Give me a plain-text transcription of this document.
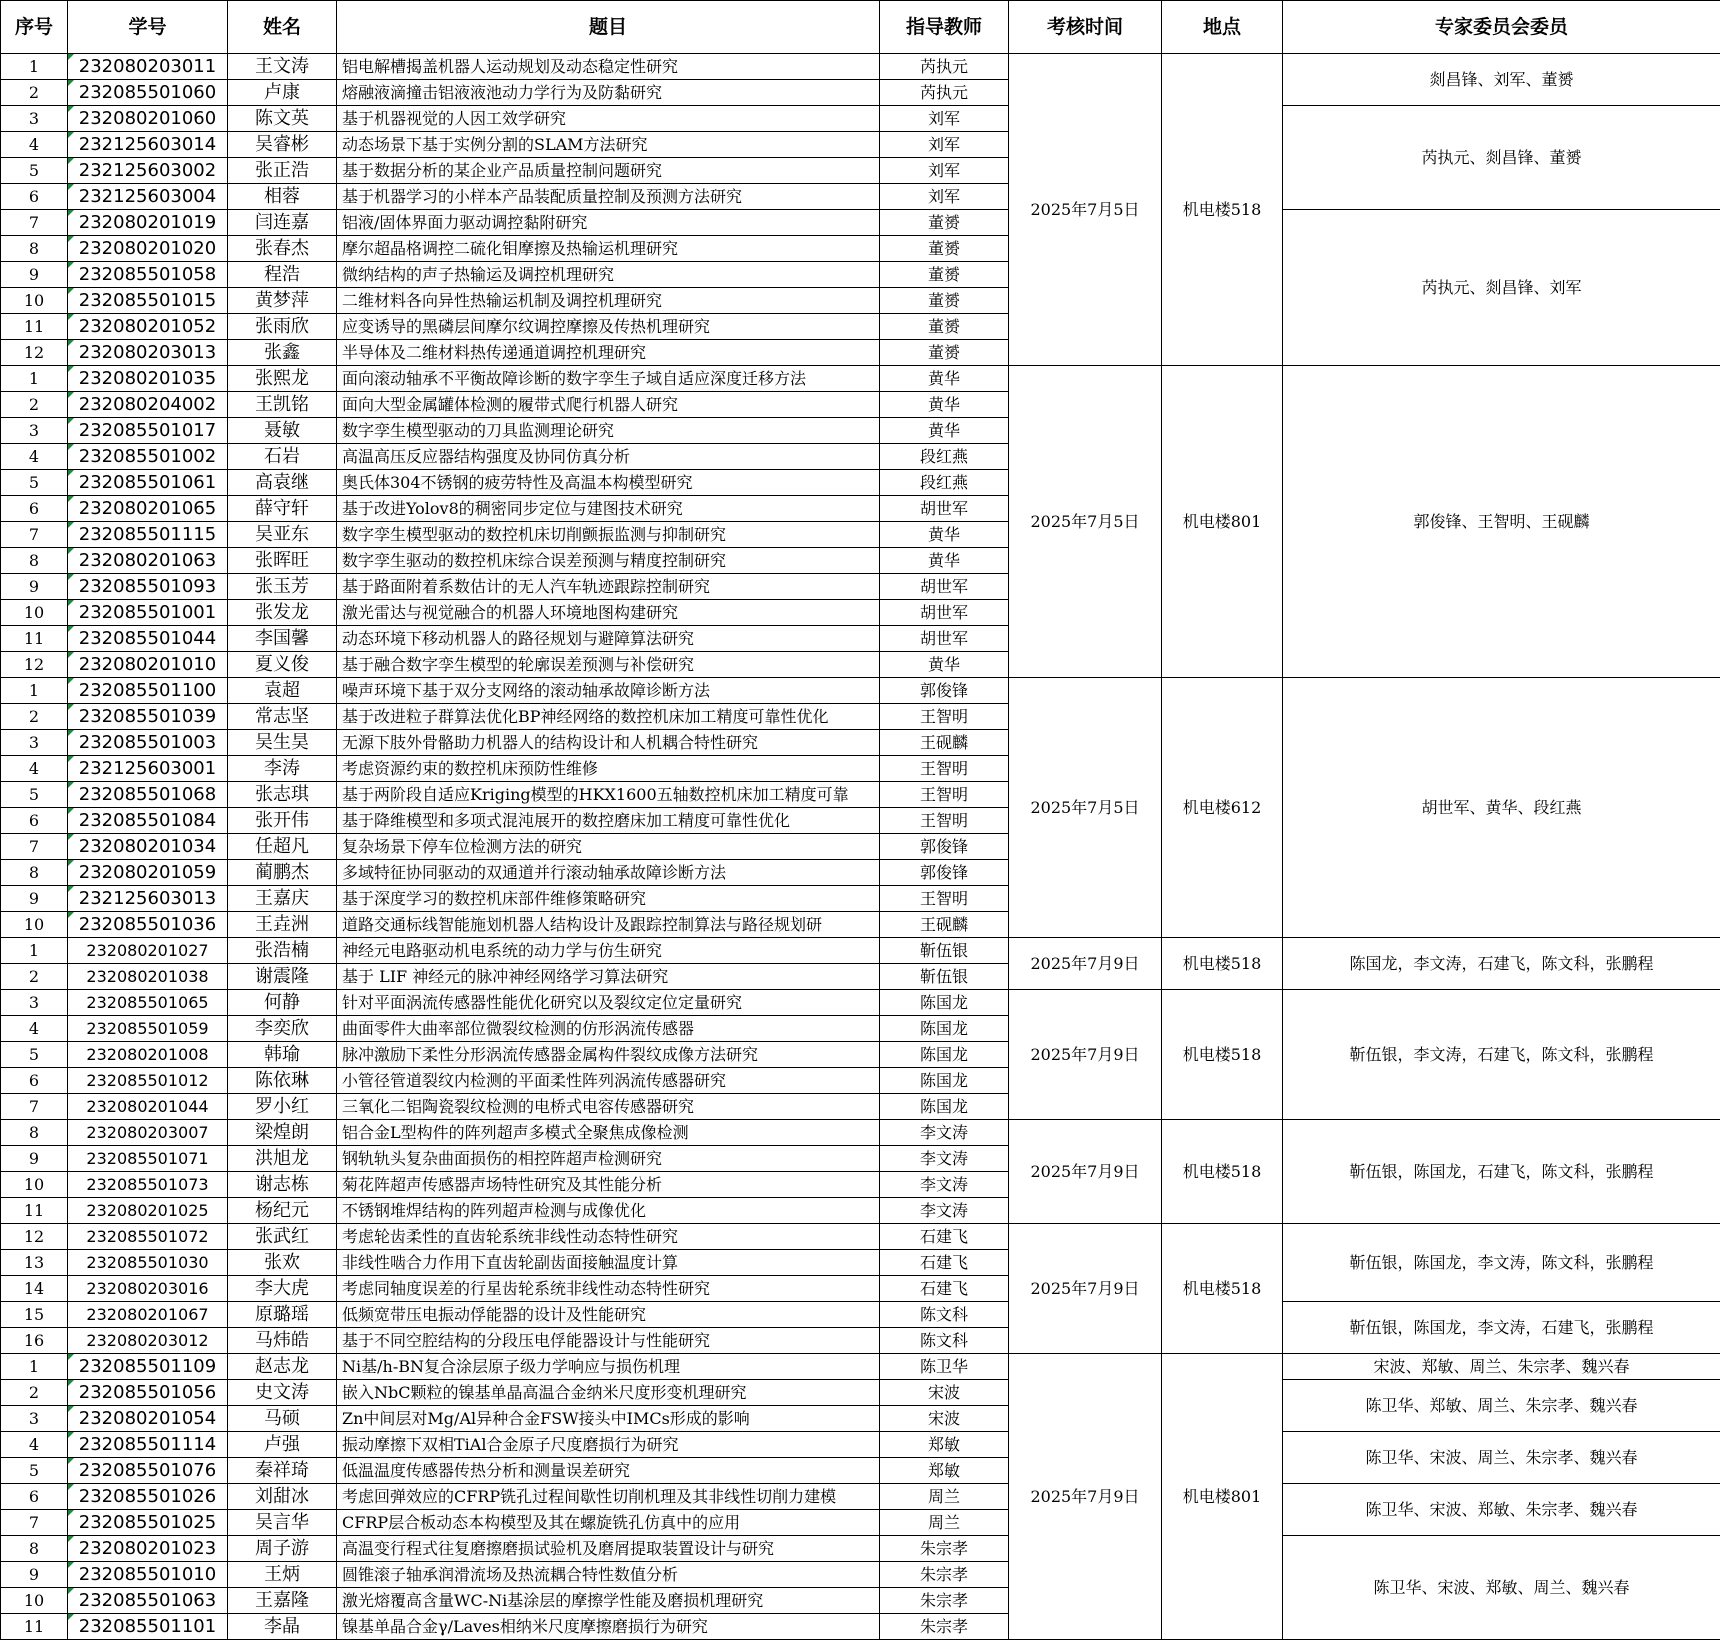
序号	学号	姓名	题目	指导教师	考核时间	地点	专家委员会委员
1	232080203011	王文涛	铝电解槽揭盖机器人运动规划及动态稳定性研究	芮执元	2025年7月5日	机电楼518	剡昌锋、刘军、董赟
2	232085501060	卢康	熔融液滴撞击铝液液池动力学行为及防黏研究	芮执元			
3	232080201060	陈文英	基于机器视觉的人因工效学研究	刘军			芮执元、剡昌锋、董赟
4	232125603014	吴睿彬	动态场景下基于实例分割的SLAM方法研究	刘军			
5	232125603002	张正浩	基于数据分析的某企业产品质量控制问题研究	刘军			
6	232125603004	相蓉	基于机器学习的小样本产品装配质量控制及预测方法研究	刘军			
7	232080201019	闫连嘉	铝液/固体界面力驱动调控黏附研究	董赟			芮执元、剡昌锋、刘军
8	232080201020	张春杰	摩尔超晶格调控二硫化钼摩擦及热输运机理研究	董赟			
9	232085501058	程浩	微纳结构的声子热输运及调控机理研究	董赟			
10	232085501015	黄梦萍	二维材料各向异性热输运机制及调控机理研究	董赟			
11	232080201052	张雨欣	应变诱导的黑磷层间摩尔纹调控摩擦及传热机理研究	董赟			
12	232080203013	张鑫	半导体及二维材料热传递通道调控机理研究	董赟			
1	232080201035	张熙龙	面向滚动轴承不平衡故障诊断的数字孪生子域自适应深度迁移方法	黄华	2025年7月5日	机电楼801	郭俊锋、王智明、王砚麟
2	232080204002	王凯铭	面向大型金属罐体检测的履带式爬行机器人研究	黄华			
3	232085501017	聂敏	数字孪生模型驱动的刀具监测理论研究	黄华			
4	232085501002	石岩	高温高压反应器结构强度及协同仿真分析	段红燕			
5	232085501061	高袁继	奥氏体304不锈钢的疲劳特性及高温本构模型研究	段红燕			
6	232080201065	薛守轩	基于改进Yolov8的稠密同步定位与建图技术研究	胡世军			
7	232085501115	吴亚东	数字孪生模型驱动的数控机床切削颤振监测与抑制研究	黄华			
8	232080201063	张晖旺	数字孪生驱动的数控机床综合误差预测与精度控制研究	黄华			
9	232085501093	张玉芳	基于路面附着系数估计的无人汽车轨迹跟踪控制研究	胡世军			
10	232085501001	张发龙	激光雷达与视觉融合的机器人环境地图构建研究	胡世军			
11	232085501044	李国馨	动态环境下移动机器人的路径规划与避障算法研究	胡世军			
12	232080201010	夏义俊	基于融合数字孪生模型的轮廓误差预测与补偿研究	黄华			
1	232085501100	袁超	噪声环境下基于双分支网络的滚动轴承故障诊断方法	郭俊锋	2025年7月5日	机电楼612	胡世军、黄华、段红燕
2	232085501039	常志坚	基于改进粒子群算法优化BP神经网络的数控机床加工精度可靠性优化	王智明			
3	232085501003	吴生昊	无源下肢外骨骼助力机器人的结构设计和人机耦合特性研究	王砚麟			
4	232125603001	李涛	考虑资源约束的数控机床预防性维修	王智明			
5	232085501068	张志琪	基于两阶段自适应Kriging模型的HKX1600五轴数控机床加工精度可靠	王智明			
6	232085501084	张开伟	基于降维模型和多项式混沌展开的数控磨床加工精度可靠性优化	王智明			
7	232080201034	任超凡	复杂场景下停车位检测方法的研究	郭俊锋			
8	232080201059	蔺鹏杰	多域特征协同驱动的双通道并行滚动轴承故障诊断方法	郭俊锋			
9	232125603013	王嘉庆	基于深度学习的数控机床部件维修策略研究	王智明			
10	232085501036	王垚洲	道路交通标线智能施划机器人结构设计及跟踪控制算法与路径规划研	王砚麟			
1	232080201027	张浩楠	神经元电路驱动机电系统的动力学与仿生研究	靳伍银	2025年7月9日	机电楼518	陈国龙，李文涛，石建飞，陈文科，张鹏程
2	232080201038	谢震隆	基于 LIF 神经元的脉冲神经网络学习算法研究	靳伍银			
3	232085501065	何静	针对平面涡流传感器性能优化研究以及裂纹定位定量研究	陈国龙	2025年7月9日	机电楼518	靳伍银，李文涛，石建飞，陈文科，张鹏程
4	232085501059	李奕欣	曲面零件大曲率部位微裂纹检测的仿形涡流传感器	陈国龙			
5	232080201008	韩瑜	脉冲激励下柔性分形涡流传感器金属构件裂纹成像方法研究	陈国龙			
6	232085501012	陈依琳	小管径管道裂纹内检测的平面柔性阵列涡流传感器研究	陈国龙			
7	232080201044	罗小红	三氧化二铝陶瓷裂纹检测的电桥式电容传感器研究	陈国龙			
8	232080203007	梁煌朗	铝合金L型构件的阵列超声多模式全聚焦成像检测	李文涛	2025年7月9日	机电楼518	靳伍银，陈国龙，石建飞，陈文科，张鹏程
9	232085501071	洪旭龙	钢轨轨头复杂曲面损伤的相控阵超声检测研究	李文涛			
10	232085501073	谢志栋	菊花阵超声传感器声场特性研究及其性能分析	李文涛			
11	232080201025	杨纪元	不锈钢堆焊结构的阵列超声检测与成像优化	李文涛			
12	232085501072	张武红	考虑轮齿柔性的直齿轮系统非线性动态特性研究	石建飞	2025年7月9日	机电楼518	靳伍银，陈国龙，李文涛，陈文科，张鹏程
13	232085501030	张欢	非线性啮合力作用下直齿轮副齿面接触温度计算	石建飞			
14	232080203016	李大虎	考虑同轴度误差的行星齿轮系统非线性动态特性研究	石建飞			
15	232080201067	原璐瑶	低频宽带压电振动俘能器的设计及性能研究	陈文科			靳伍银，陈国龙，李文涛，石建飞，张鹏程
16	232080203012	马炜皓	基于不同空腔结构的分段压电俘能器设计与性能研究	陈文科			
1	232085501109	赵志龙	Ni基/h-BN复合涂层原子级力学响应与损伤机理	陈卫华	2025年7月9日	机电楼801	宋波、郑敏、周兰、朱宗孝、魏兴春
2	232085501056	史文涛	嵌入NbC颗粒的镍基单晶高温合金纳米尺度形变机理研究	宋波			陈卫华、郑敏、周兰、朱宗孝、魏兴春
3	232080201054	马硕	Zn中间层对Mg/Al异种合金FSW接头中IMCs形成的影响	宋波			
4	232085501114	卢强	振动摩擦下双相TiAl合金原子尺度磨损行为研究	郑敏			陈卫华、宋波、周兰、朱宗孝、魏兴春
5	232085501076	秦祥琦	低温温度传感器传热分析和测量误差研究	郑敏			
6	232085501026	刘甜冰	考虑回弹效应的CFRP铣孔过程间歇性切削机理及其非线性切削力建模	周兰			陈卫华、宋波、郑敏、朱宗孝、魏兴春
7	232085501025	吴言华	CFRP层合板动态本构模型及其在螺旋铣孔仿真中的应用	周兰			
8	232080201023	周子游	高温变行程式往复磨擦磨损试验机及磨屑提取装置设计与研究	朱宗孝			陈卫华、宋波、郑敏、周兰、魏兴春
9	232085501010	王炳	圆锥滚子轴承润滑流场及热流耦合特性数值分析	朱宗孝			
10	232085501063	王嘉隆	激光熔覆高含量WC-Ni基涂层的摩擦学性能及磨损机理研究	朱宗孝			
11	232085501101	李晶	镍基单晶合金γ/Laves相纳米尺度摩擦磨损行为研究	朱宗孝			
